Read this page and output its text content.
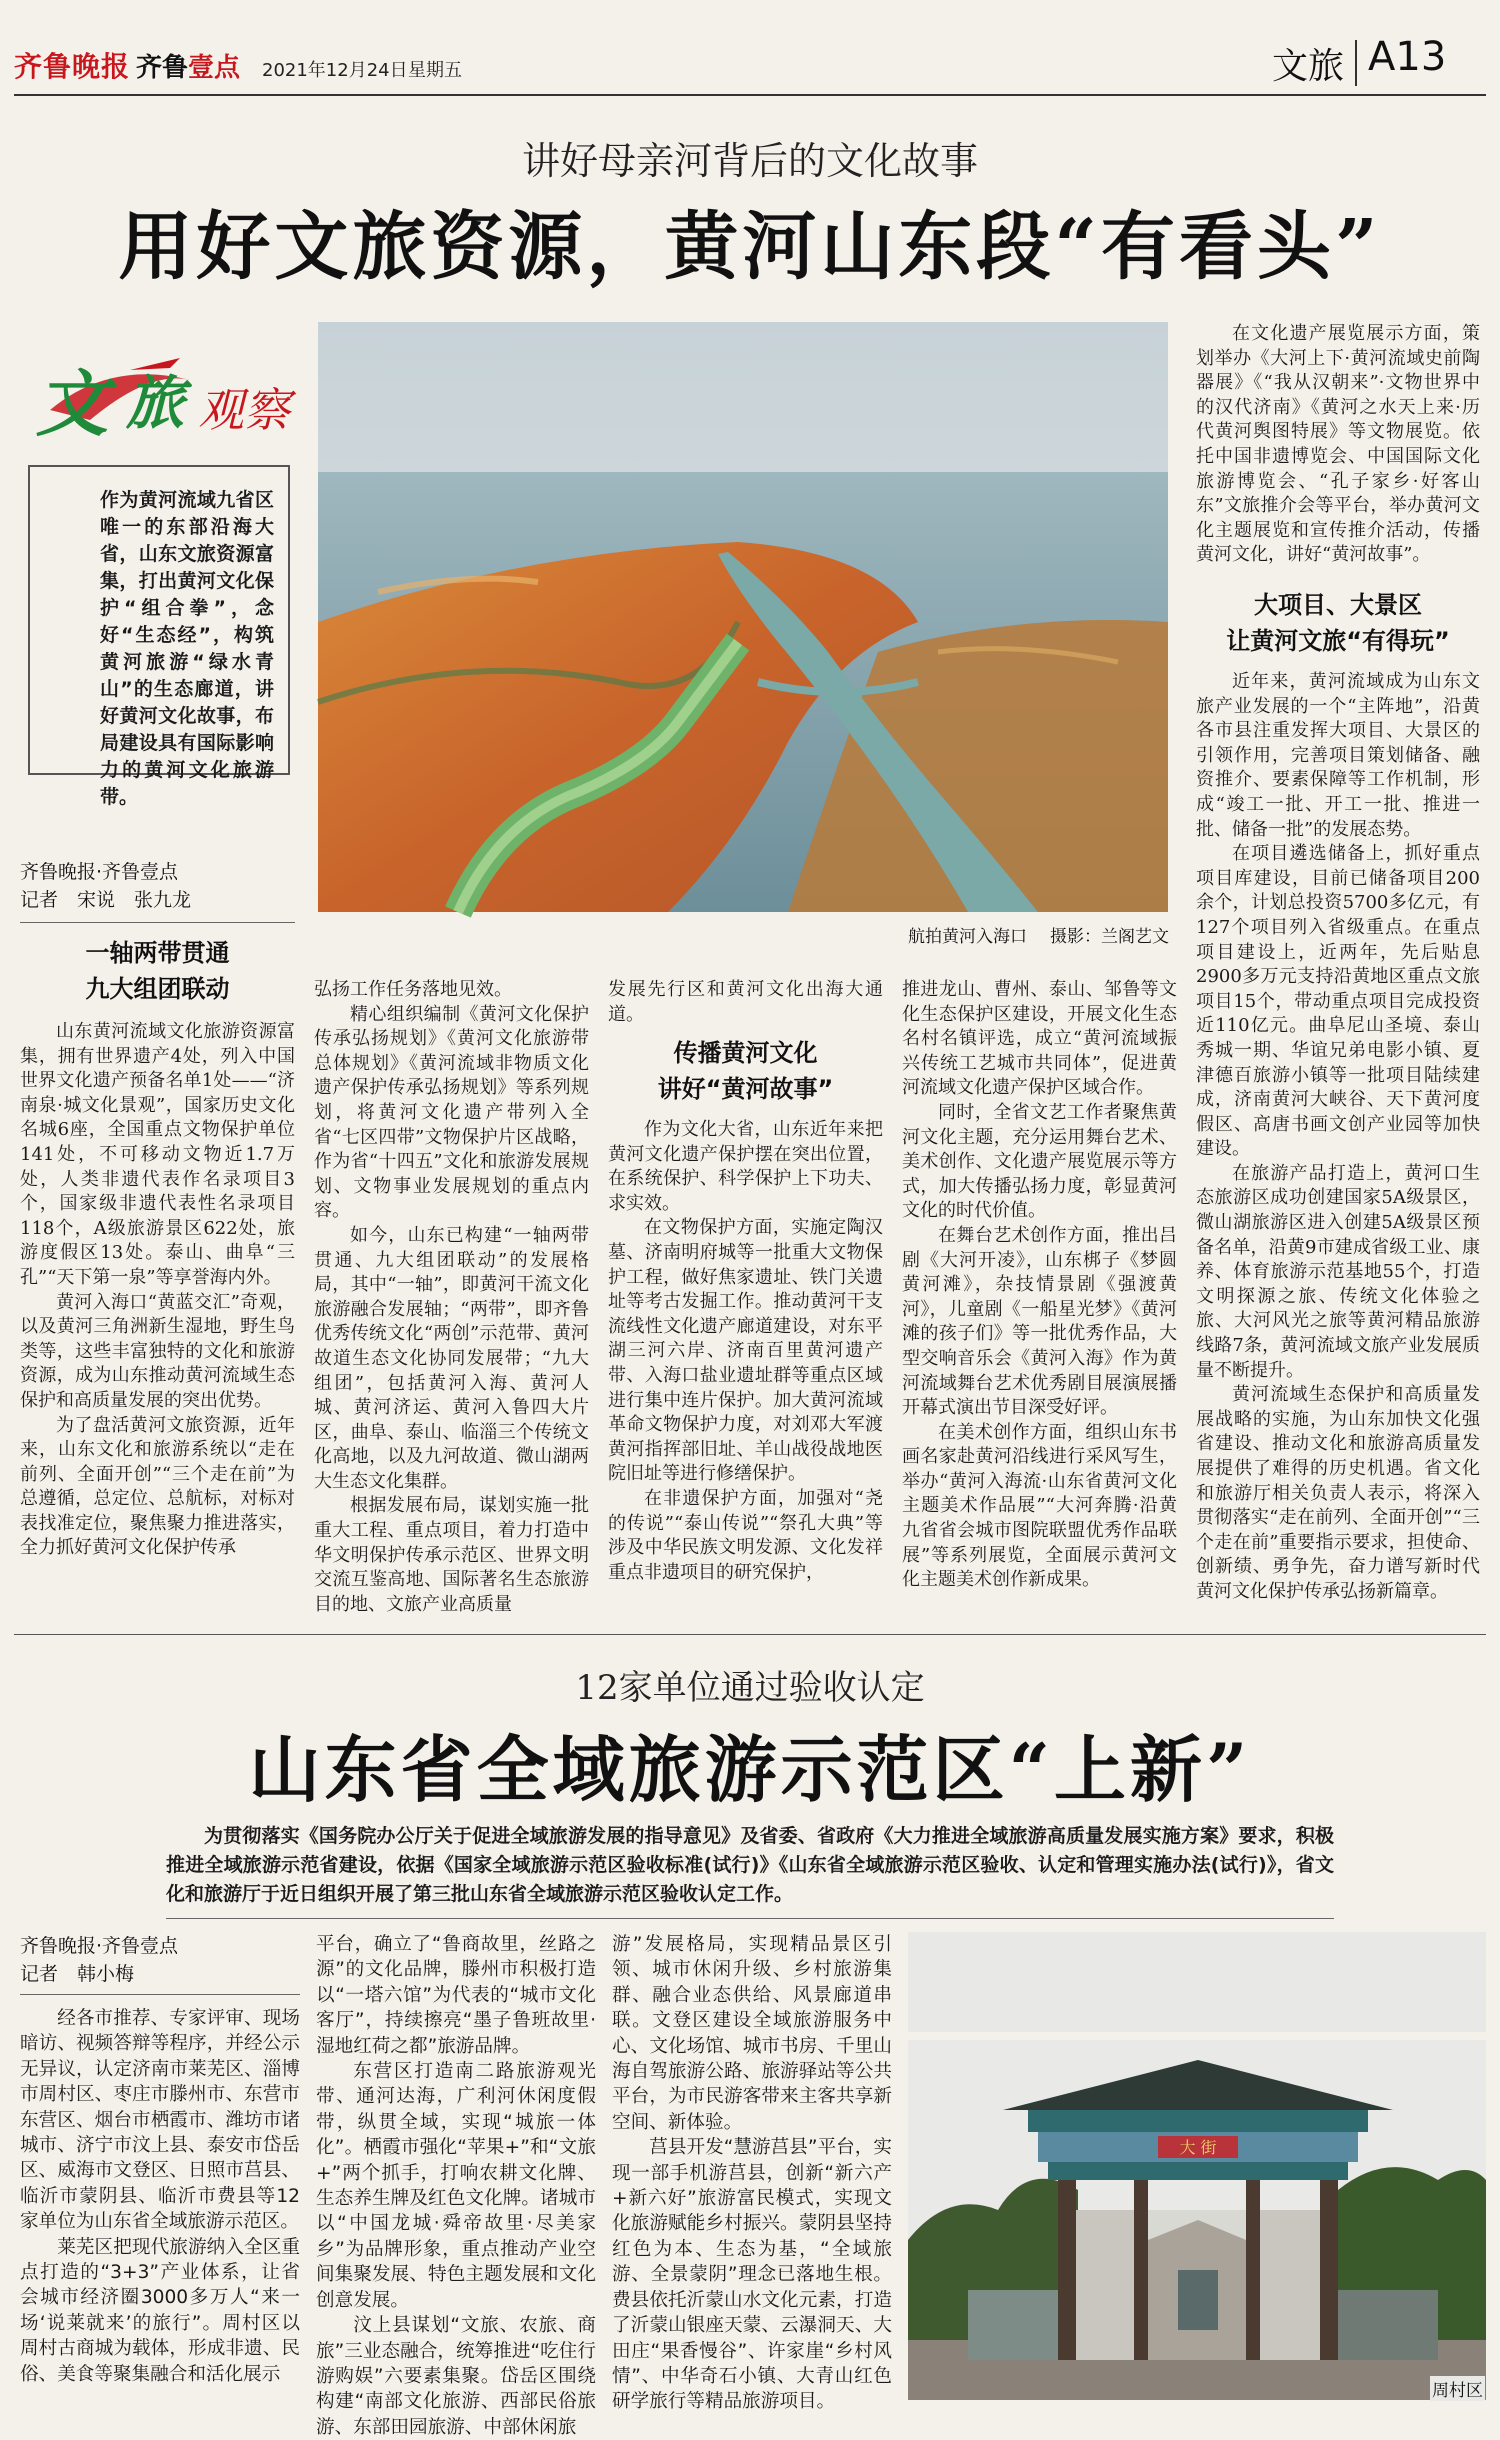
齐鲁晚报 齐鲁壹点 2021年12月24日 星期五	文旅 A13
讲好母亲河背后的文化故事
用好文旅资源，黄河山东段“有看头”
文 旅 观察

作为黄河流域九省区唯一的东部沿海大省，山东文旅资源富集，打出黄河文化保护“组合拳”，念好“生态经”，构筑黄河旅游“绿水青山”的生态廊道，讲好黄河文化故事，布局建设具有国际影响力的黄河文化旅游带。

齐鲁晚报·齐鲁壹点
记者　宋说　张九龙
航拍黄河入海口 摄影：兰阁艺文
一轴两带贯通
九大组团联动

山东黄河流域文化旅游资源富集，拥有世界遗产4处，列入中国世界文化遗产预备名单1处——“济南泉·城文化景观”，国家历史文化名城6座，全国重点文物保护单位141处，不可移动文物近1.7万处，人类非遗代表作名录项目3个，国家级非遗代表性名录项目118个，A级旅游景区622处，旅游度假区13处。泰山、曲阜“三孔”“天下第一泉”等享誉海内外。

黄河入海口“黄蓝交汇”奇观，以及黄河三角洲新生湿地，野生鸟类等，这些丰富独特的文化和旅游资源，成为山东推动黄河流域生态保护和高质量发展的突出优势。

为了盘活黄河文旅资源，近年来，山东文化和旅游系统以“走在前列、全面开创”“三个走在前”为总遵循，总定位、总航标，对标对表找准定位，聚焦聚力推进落实，全力抓好黄河文化保护传承

弘扬工作任务落地见效。

精心组织编制《黄河文化保护传承弘扬规划》《黄河文化旅游带总体规划》《黄河流域非物质文化遗产保护传承弘扬规划》等系列规划，将黄河文化遗产带列入全省“七区四带”文物保护片区战略，作为省“十四五”文化和旅游发展规划、文物事业发展规划的重点内容。

如今，山东已构建“一轴两带贯通、九大组团联动”的发展格局，其中“一轴”，即黄河干流文化旅游融合发展轴；“两带”，即齐鲁优秀传统文化“两创”示范带、黄河故道生态文化协同发展带；“九大组团”，包括黄河入海、黄河人城、黄河济运、黄河入鲁四大片区，曲阜、泰山、临淄三个传统文化高地，以及九河故道、微山湖两大生态文化集群。

根据发展布局，谋划实施一批重大工程、重点项目，着力打造中华文明保护传承示范区、世界文明交流互鉴高地、国际著名生态旅游目的地、文旅产业高质量

发展先行区和黄河文化出海大通道。

传播黄河文化
讲好“黄河故事”

作为文化大省，山东近年来把黄河文化遗产保护摆在突出位置，在系统保护、科学保护上下功夫、求实效。

在文物保护方面，实施定陶汉墓、济南明府城等一批重大文物保护工程，做好焦家遗址、铁门关遗址等考古发掘工作。推动黄河干支流线性文化遗产廊道建设，对东平湖三河六岸、济南百里黄河遗产带、入海口盐业遗址群等重点区域进行集中连片保护。加大黄河流域革命文物保护力度，对刘邓大军渡黄河指挥部旧址、羊山战役战地医院旧址等进行修缮保护。

在非遗保护方面，加强对“尧的传说”“泰山传说”“祭孔大典”等涉及中华民族文明发源、文化发祥重点非遗项目的研究保护，

推进龙山、曹州、泰山、邹鲁等文化生态保护区建设，开展文化生态名村名镇评选，成立“黄河流域振兴传统工艺城市共同体”，促进黄河流域文化遗产保护区域合作。

同时，全省文艺工作者聚焦黄河文化主题，充分运用舞台艺术、美术创作、文化遗产展览展示等方式，加大传播弘扬力度，彰显黄河文化的时代价值。

在舞台艺术创作方面，推出吕剧《大河开凌》，山东梆子《梦圆黄河滩》，杂技情景剧《强渡黄河》，儿童剧《一船星光梦》《黄河滩的孩子们》等一批优秀作品，大型交响音乐会《黄河入海》作为黄河流域舞台艺术优秀剧目展演展播开幕式演出节目深受好评。

在美术创作方面，组织山东书画名家赴黄河沿线进行采风写生，举办“黄河入海流·山东省黄河文化主题美术作品展”“大河奔腾·沿黄九省省会城市图院联盟优秀作品联展”等系列展览，全面展示黄河文化主题美术创作新成果。

在文化遗产展览展示方面，策划举办《大河上下·黄河流域史前陶器展》《“我从汉朝来”·文物世界中的汉代济南》《黄河之水天上来·历代黄河舆图特展》等文物展览。依托中国非遗博览会、中国国际文化旅游博览会、“孔子家乡·好客山东”文旅推介会等平台，举办黄河文化主题展览和宣传推介活动，传播黄河文化，讲好“黄河故事”。

大项目、大景区
让黄河文旅“有得玩”

近年来，黄河流域成为山东文旅产业发展的一个“主阵地”，沿黄各市县注重发挥大项目、大景区的引领作用，完善项目策划储备、融资推介、要素保障等工作机制，形成“竣工一批、开工一批、推进一批、储备一批”的发展态势。

在项目遴选储备上，抓好重点项目库建设，目前已储备项目200余个，计划总投资5700多亿元，有127个项目列入省级重点。在重点项目建设上，近两年，先后贴息2900多万元支持沿黄地区重点文旅项目15个，带动重点项目完成投资近110亿元。曲阜尼山圣境、泰山秀城一期、华谊兄弟电影小镇、夏津德百旅游小镇等一批项目陆续建成，济南黄河大峡谷、天下黄河度假区、高唐书画文创产业园等加快建设。

在旅游产品打造上，黄河口生态旅游区成功创建国家5A级景区，微山湖旅游区进入创建5A级景区预备名单，沿黄9市建成省级工业、康养、体育旅游示范基地55个，打造文明探源之旅、传统文化体验之旅、大河风光之旅等黄河精品旅游线路7条，黄河流域文旅产业发展质量不断提升。

黄河流域生态保护和高质量发展战略的实施，为山东加快文化强省建设、推动文化和旅游高质量发展提供了难得的历史机遇。省文化和旅游厅相关负责人表示，将深入贯彻落实“走在前列、全面开创”“三个走在前”重要指示要求，担使命、创新绩、勇争先，奋力谱写新时代黄河文化保护传承弘扬新篇章。

12家单位通过验收认定
山东省全域旅游示范区“上新”
为贯彻落实《国务院办公厅关于促进全域旅游发展的指导意见》及省委、省政府《大力推进全域旅游高质量发展实施方案》要求，积极推进全域旅游示范省建设，依据《国家全域旅游示范区验收标准(试行)》《山东省全域旅游示范区验收、认定和管理实施办法(试行)》，省文化和旅游厅于近日组织开展了第三批山东省全域旅游示范区验收认定工作。
齐鲁晚报·齐鲁壹点
记者　韩小梅

经各市推荐、专家评审、现场暗访、视频答辩等程序，并经公示无异议，认定济南市莱芜区、淄博市周村区、枣庄市滕州市、东营市东营区、烟台市栖霞市、潍坊市诸城市、济宁市汶上县、泰安市岱岳区、威海市文登区、日照市莒县、临沂市蒙阴县、临沂市费县等12家单位为山东省全域旅游示范区。

莱芜区把现代旅游纳入全区重点打造的“3+3”产业体系，让省会城市经济圈3000多万人“来一场‘说莱就来’的旅行”。周村区以周村古商城为载体，形成非遗、民俗、美食等聚集融合和活化展示

平台，确立了“鲁商故里，丝路之源”的文化品牌，滕州市积极打造以“一塔六馆”为代表的“城市文化客厅”，持续擦亮“墨子鲁班故里·湿地红荷之都”旅游品牌。

东营区打造南二路旅游观光带、通河达海，广利河休闲度假带，纵贯全域，实现“城旅一体化”。栖霞市强化“苹果+”和“文旅+”两个抓手，打响农耕文化牌、生态养生牌及红色文化牌。诸城市以“中国龙城·舜帝故里·尽美家乡”为品牌形象，重点推动产业空间集聚发展、特色主题发展和文化创意发展。

汶上县谋划“文旅、农旅、商旅”三业态融合，统筹推进“吃住行游购娱”六要素集聚。岱岳区围绕构建“南部文化旅游、西部民俗旅游、东部田园旅游、中部休闲旅

游”发展格局，实现精品景区引领、城市休闲升级、乡村旅游集群、融合业态供给、风景廊道串联。文登区建设全域旅游服务中心、文化场馆、城市书房、千里山海自驾旅游公路、旅游驿站等公共平台，为市民游客带来主客共享新空间、新体验。

莒县开发“慧游莒县”平台，实现一部手机游莒县，创新“新六产+新六好”旅游富民模式，实现文化旅游赋能乡村振兴。蒙阴县坚持红色为本、生态为基，“全域旅游、全景蒙阴”理念已落地生根。费县依托沂蒙山水文化元素，打造了沂蒙山银座天蒙、云瀑洞天、大田庄“果香慢谷”、许家崖“乡村风情”、中华奇石小镇、大青山红色研学旅行等精品旅游项目。

大 街
周村区
